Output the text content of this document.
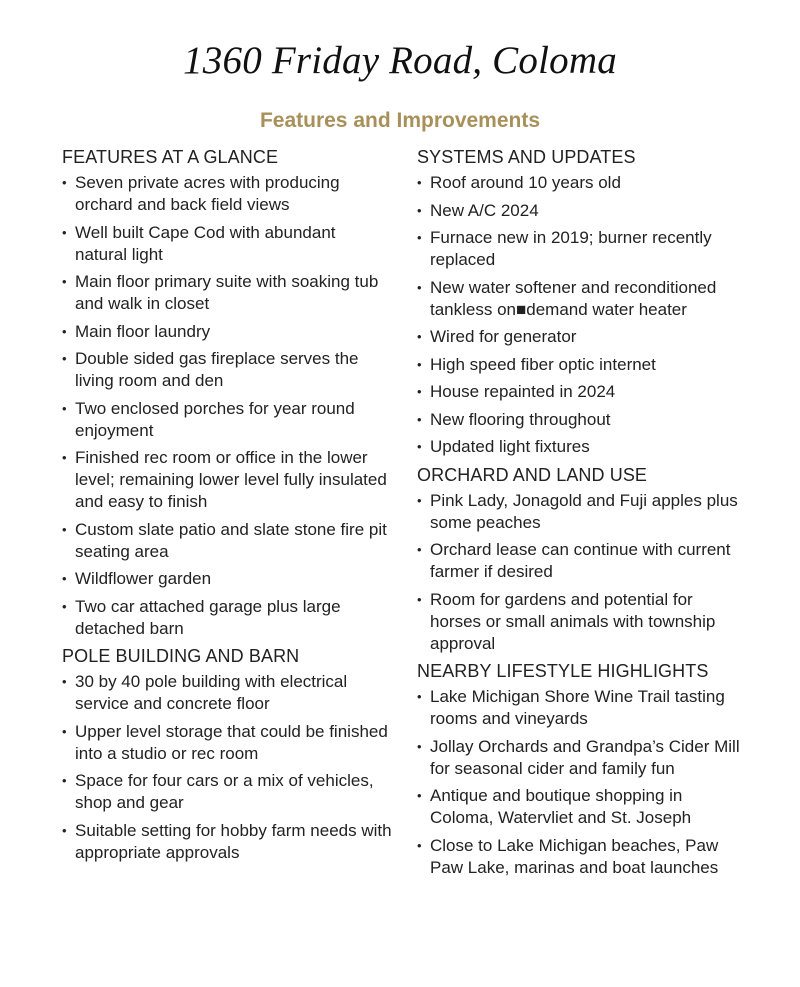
1360 Friday Road, Coloma
Features and Improvements
FEATURES AT A GLANCE
• Seven private acres with producing orchard and back field views
• Well built Cape Cod with abundant natural light
• Main floor primary suite with soaking tub and walk in closet
• Main floor laundry
• Double sided gas fireplace serves the living room and den
• Two enclosed porches for year round enjoyment
• Finished rec room or office in the lower level; remaining lower level fully insulated and easy to finish
• Custom slate patio and slate stone fire pit seating area
• Wildflower garden
• Two car attached garage plus large detached barn
POLE BUILDING AND BARN
• 30 by 40 pole building with electrical service and concrete floor
• Upper level storage that could be finished into a studio or rec room
• Space for four cars or a mix of vehicles, shop and gear
• Suitable setting for hobby farm needs with appropriate approvals
SYSTEMS AND UPDATES
• Roof around 10 years old
• New A/C 2024
• Furnace new in 2019; burner recently replaced
• New water softener and reconditioned tankless on■demand water heater
• Wired for generator
• High speed fiber optic internet
• House repainted in 2024
• New flooring throughout
• Updated light fixtures
ORCHARD AND LAND USE
• Pink Lady, Jonagold and Fuji apples plus some peaches
• Orchard lease can continue with current farmer if desired
• Room for gardens and potential for horses or small animals with township approval
NEARBY LIFESTYLE HIGHLIGHTS
• Lake Michigan Shore Wine Trail tasting rooms and vineyards
• Jollay Orchards and Grandpa’s Cider Mill for seasonal cider and family fun
• Antique and boutique shopping in Coloma, Watervliet and St. Joseph
• Close to Lake Michigan beaches, Paw Paw Lake, marinas and boat launches
